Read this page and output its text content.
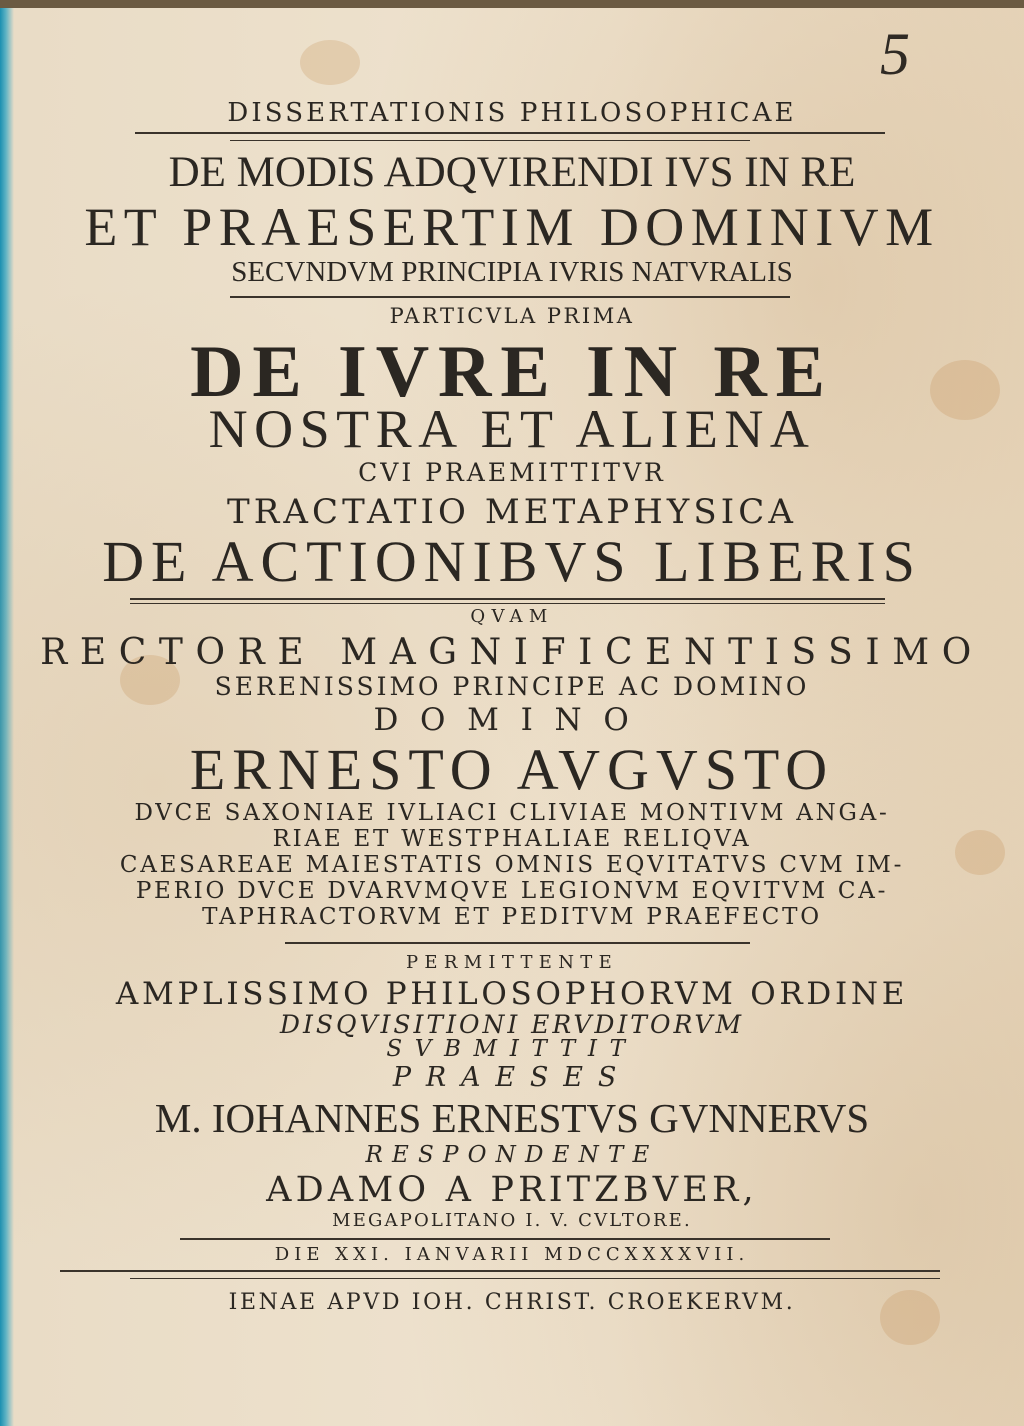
5
DISSERTATIONIS PHILOSOPHICAE
DE MODIS ADQVIRENDI IVS IN RE
ET PRAESERTIM DOMINIVM
SECVNDVM PRINCIPIA IVRIS NATVRALIS
PARTICVLA PRIMA
DE IVRE IN RE
NOSTRA ET ALIENA
CVI PRAEMITTITVR
TRACTATIO METAPHYSICA
DE ACTIONIBVS LIBERIS
QVAM
RECTORE MAGNIFICENTISSIMO
SERENISSIMO PRINCIPE AC DOMINO
DOMINO
ERNESTO AVGVSTO
DVCE SAXONIAE IVLIACI CLIVIAE MONTIVM ANGA-
RIAE ET WESTPHALIAE RELIQVA
CAESAREAE MAIESTATIS OMNIS EQVITATVS CVM IM-
PERIO DVCE DVARVMQVE LEGIONVM EQVITVM CA-
TAPHRACTORVM ET PEDITVM PRAEFECTO
PERMITTENTE
AMPLISSIMO PHILOSOPHORVM ORDINE
DISQVISITIONI ERVDITORVM
SVBMITTIT
PRAESES
M. IOHANNES ERNESTVS GVNNERVS
RESPONDENTE
ADAMO A PRITZBVER,
MEGAPOLITANO I. V. CVLTORE.
DIE XXI. IANVARII MDCCXXXXVII.
IENAE APVD IOH. CHRIST. CROEKERVM.
